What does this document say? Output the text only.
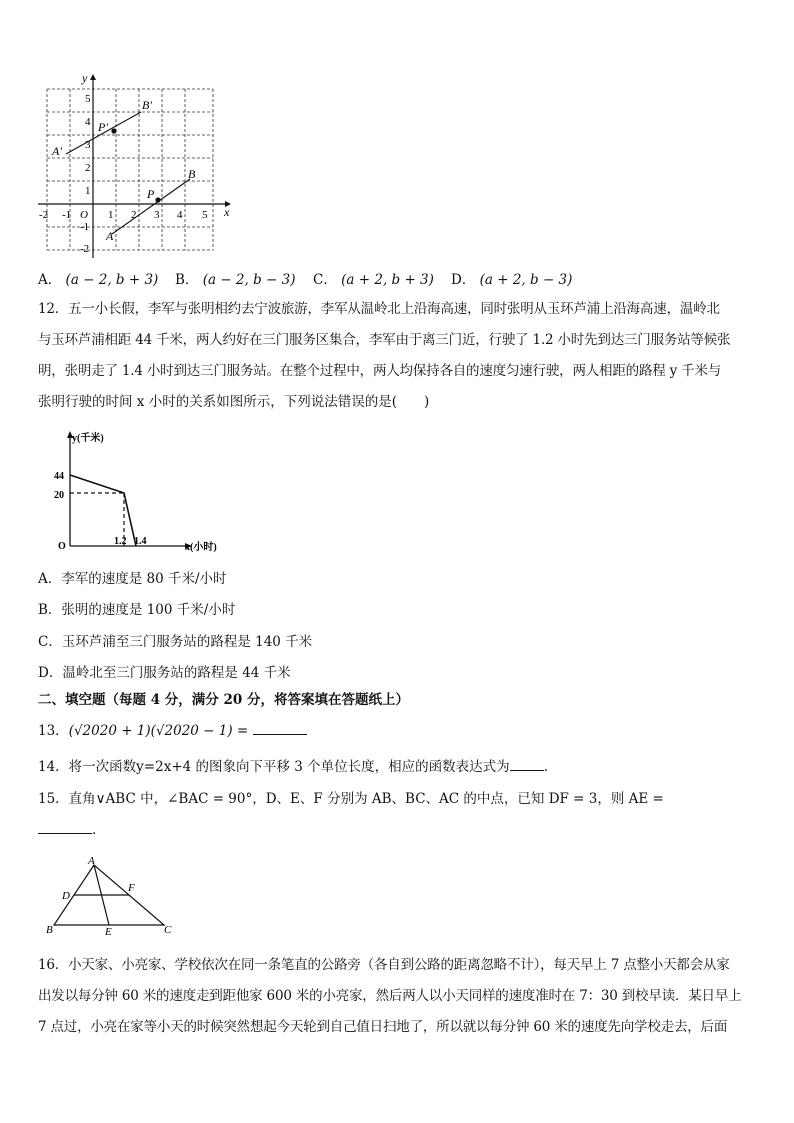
x
y
-2 -1 O 1 2 3 4 5
5
4
3
2
1
-1
-2
A'
B'
P'
A
B
P
A． (a − 2, b + 3) B． (a − 2, b − 3) C． (a + 2, b + 3) D． (a + 2, b − 3)
12．五一小长假，李军与张明相约去宁波旅游，李军从温岭北上沿海高速，同时张明从玉环芦浦上沿海高速，温岭北
与玉环芦浦相距 44 千米，两人约好在三门服务区集合，李军由于离三门近，行驶了 1.2 小时先到达三门服务站等候张
明，张明走了 1.4 小时到达三门服务站。在整个过程中，两人均保持各自的速度匀速行驶，两人相距的路程 y 千米与
张明行驶的时间 x 小时的关系如图所示，下列说法错误的是(　　)
y(千米)
x(小时)
O
44
20
1.2 1.4
A．李军的速度是 80 千米/小时
B．张明的速度是 100 千米/小时
C．玉环芦浦至三门服务站的路程是 140 千米
D．温岭北至三门服务站的路程是 44 千米
二、填空题（每题 4 分，满分 20 分，将答案填在答题纸上）
13．(√2020 + 1)(√2020 − 1) =
14．将一次函数y=2x+4 的图象向下平移 3 个单位长度，相应的函数表达式为	.
15．直角∨ABC 中，∠BAC = 90°，D、E、F 分别为 AB、BC、AC 的中点，已知 DF = 3，则 AE =
.
A
D
F
B	E	C
16．小天家、小亮家、学校依次在同一条笔直的公路旁（各自到公路的距离忽略不计），每天早上 7 点整小天都会从家
出发以每分钟 60 米的速度走到距他家 600 米的小亮家，然后两人以小天同样的速度准时在 7：30 到校早读．某日早上
7 点过，小亮在家等小天的时候突然想起今天轮到自己值日扫地了，所以就以每分钟 60 米的速度先向学校走去，后面
